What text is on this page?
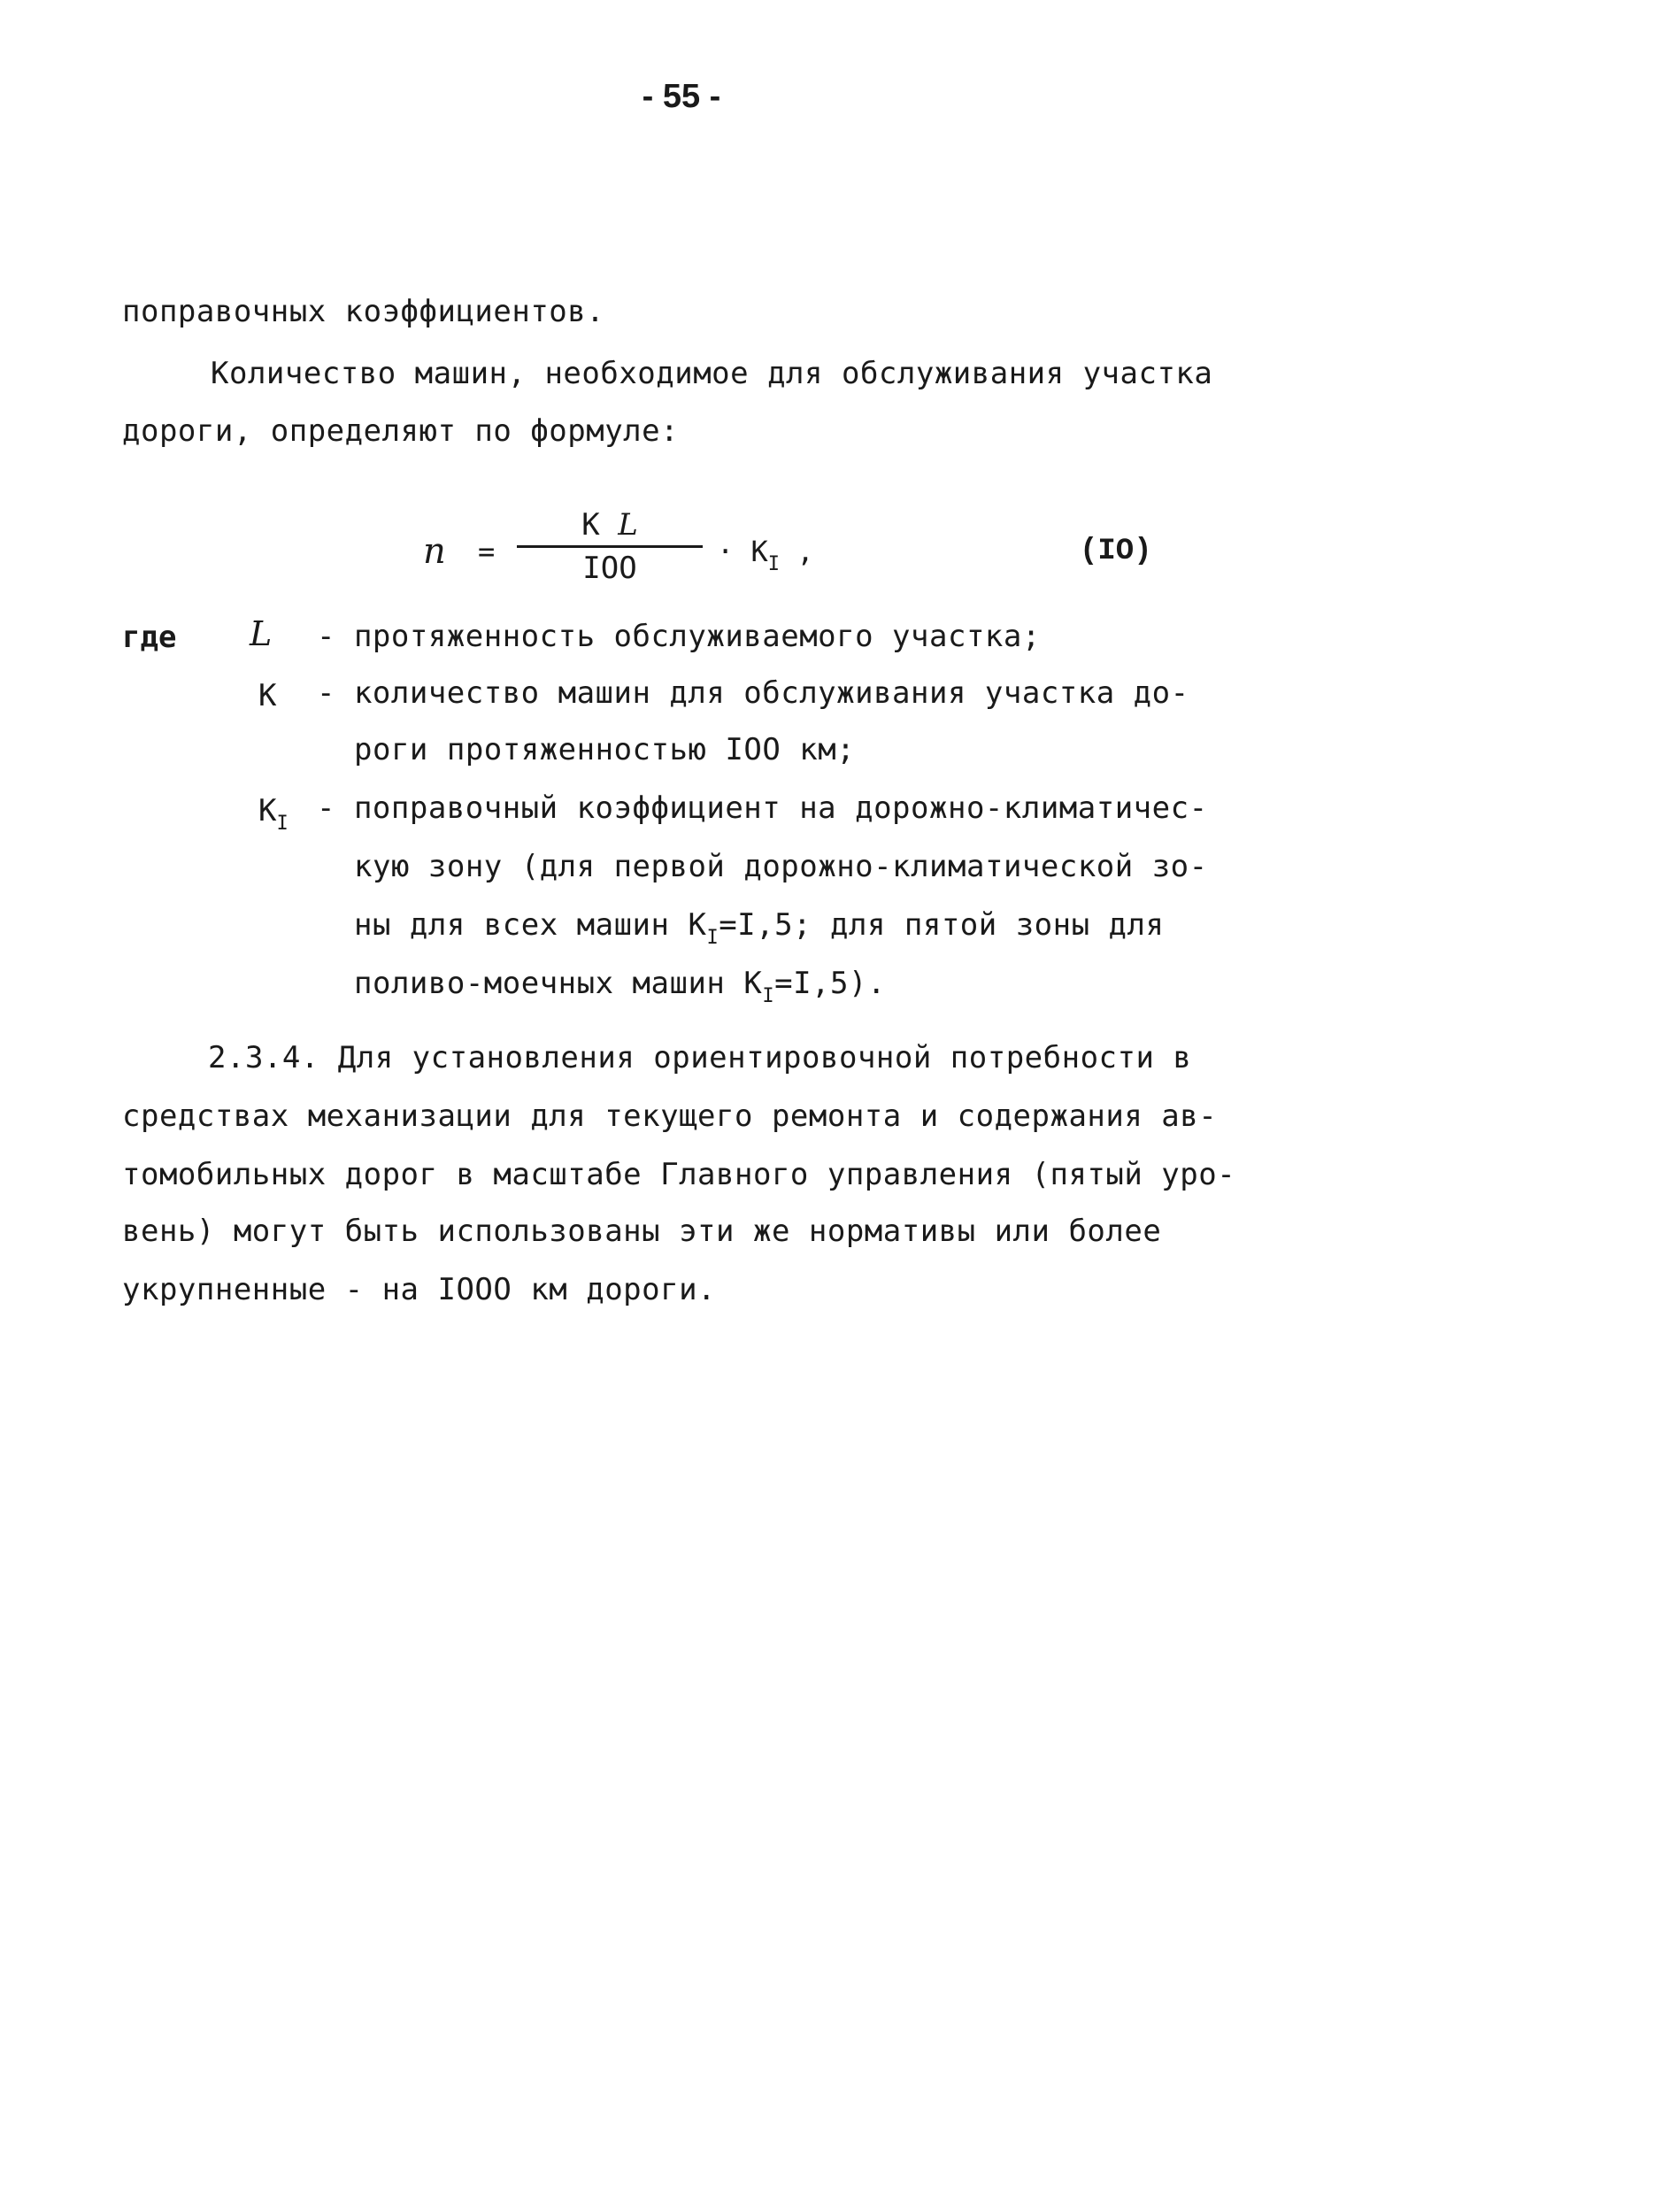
- 55 -
поправочных коэффициентов.
Количество машин, необходимое для обслуживания участка
дороги, определяют по формуле:
n =
К L
IOO	· $К_I$ ,	(IO)
где L - протяженность обслуживаемого участка;
К - количество машин для обслуживания участка до-
роги протяженностью IOO км;
$К_I$ - поправочный коэффициент на дорожно-климатичес-
кую зону (для первой дорожно-климатической зо-
ны для всех машин $К_I=I,5$; для пятой зоны для
поливо-моечных машин $К_I=I,5$).
2.3.4. Для установления ориентировочной потребности в
средствах механизации для текущего ремонта и содержания ав-
томобильных дорог в масштабе Главного управления (пятый уро-
вень) могут быть использованы эти же нормативы или более
укрупненные - на IOOO км дороги.
